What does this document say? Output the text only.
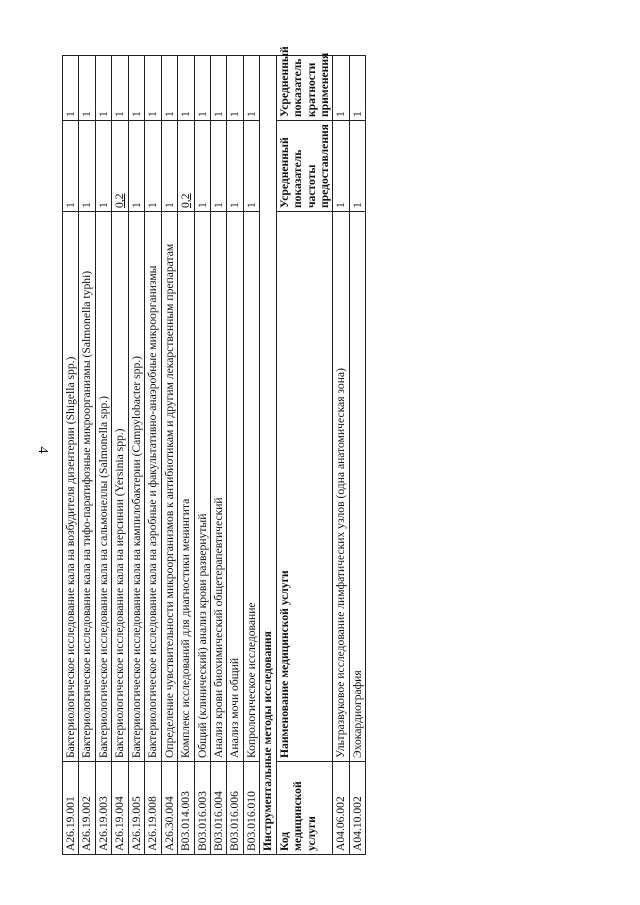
4
A26.19.001	Бактериологическое исследование кала на возбудителя дизентерии (Shigella spp.)	1	1
A26.19.002	Бактериологическое исследование кала на тифо-паратифозные микроорганизмы (Salmonella typhi)	1	1
A26.19.003	Бактериологическое исследование кала на сальмонеллы (Salmonella spp.)	1	1
A26.19.004	Бактериологическое исследование кала на иерсинии (Yersinia spp.)	0,2	1
A26.19.005	Бактериологическое исследование кала на кампилобактерии (Campylobacter spp.)	1	1
A26.19.008	Бактериологическое исследование кала на аэробные и факультативно-анаэробные микроорганизмы	1	1
A26.30.004	Определение чувствительности микроорганизмов к антибиотикам и другим лекарственным препаратам	1	1
B03.014.003	Комплекс исследований для диагностики менингита	0,2	1
B03.016.003	Общий (клинический) анализ крови развернутый	1	1
B03.016.004	Анализ крови биохимический общетерапевтический	1	1
B03.016.006	Анализ мочи общий	1	1
B03.016.010	Копрологическое исследование	1	1
Инструментальные методы исследования			
Код медицинской услуги	Наименование медицинской услуги	Усредненный показатель частоты предоставления	Усредненный показатель кратности применения
A04.06.002	Ультразвуковое исследование лимфатических узлов (одна анатомическая зона)	1	1
A04.10.002	Эхокардиография	1	1
